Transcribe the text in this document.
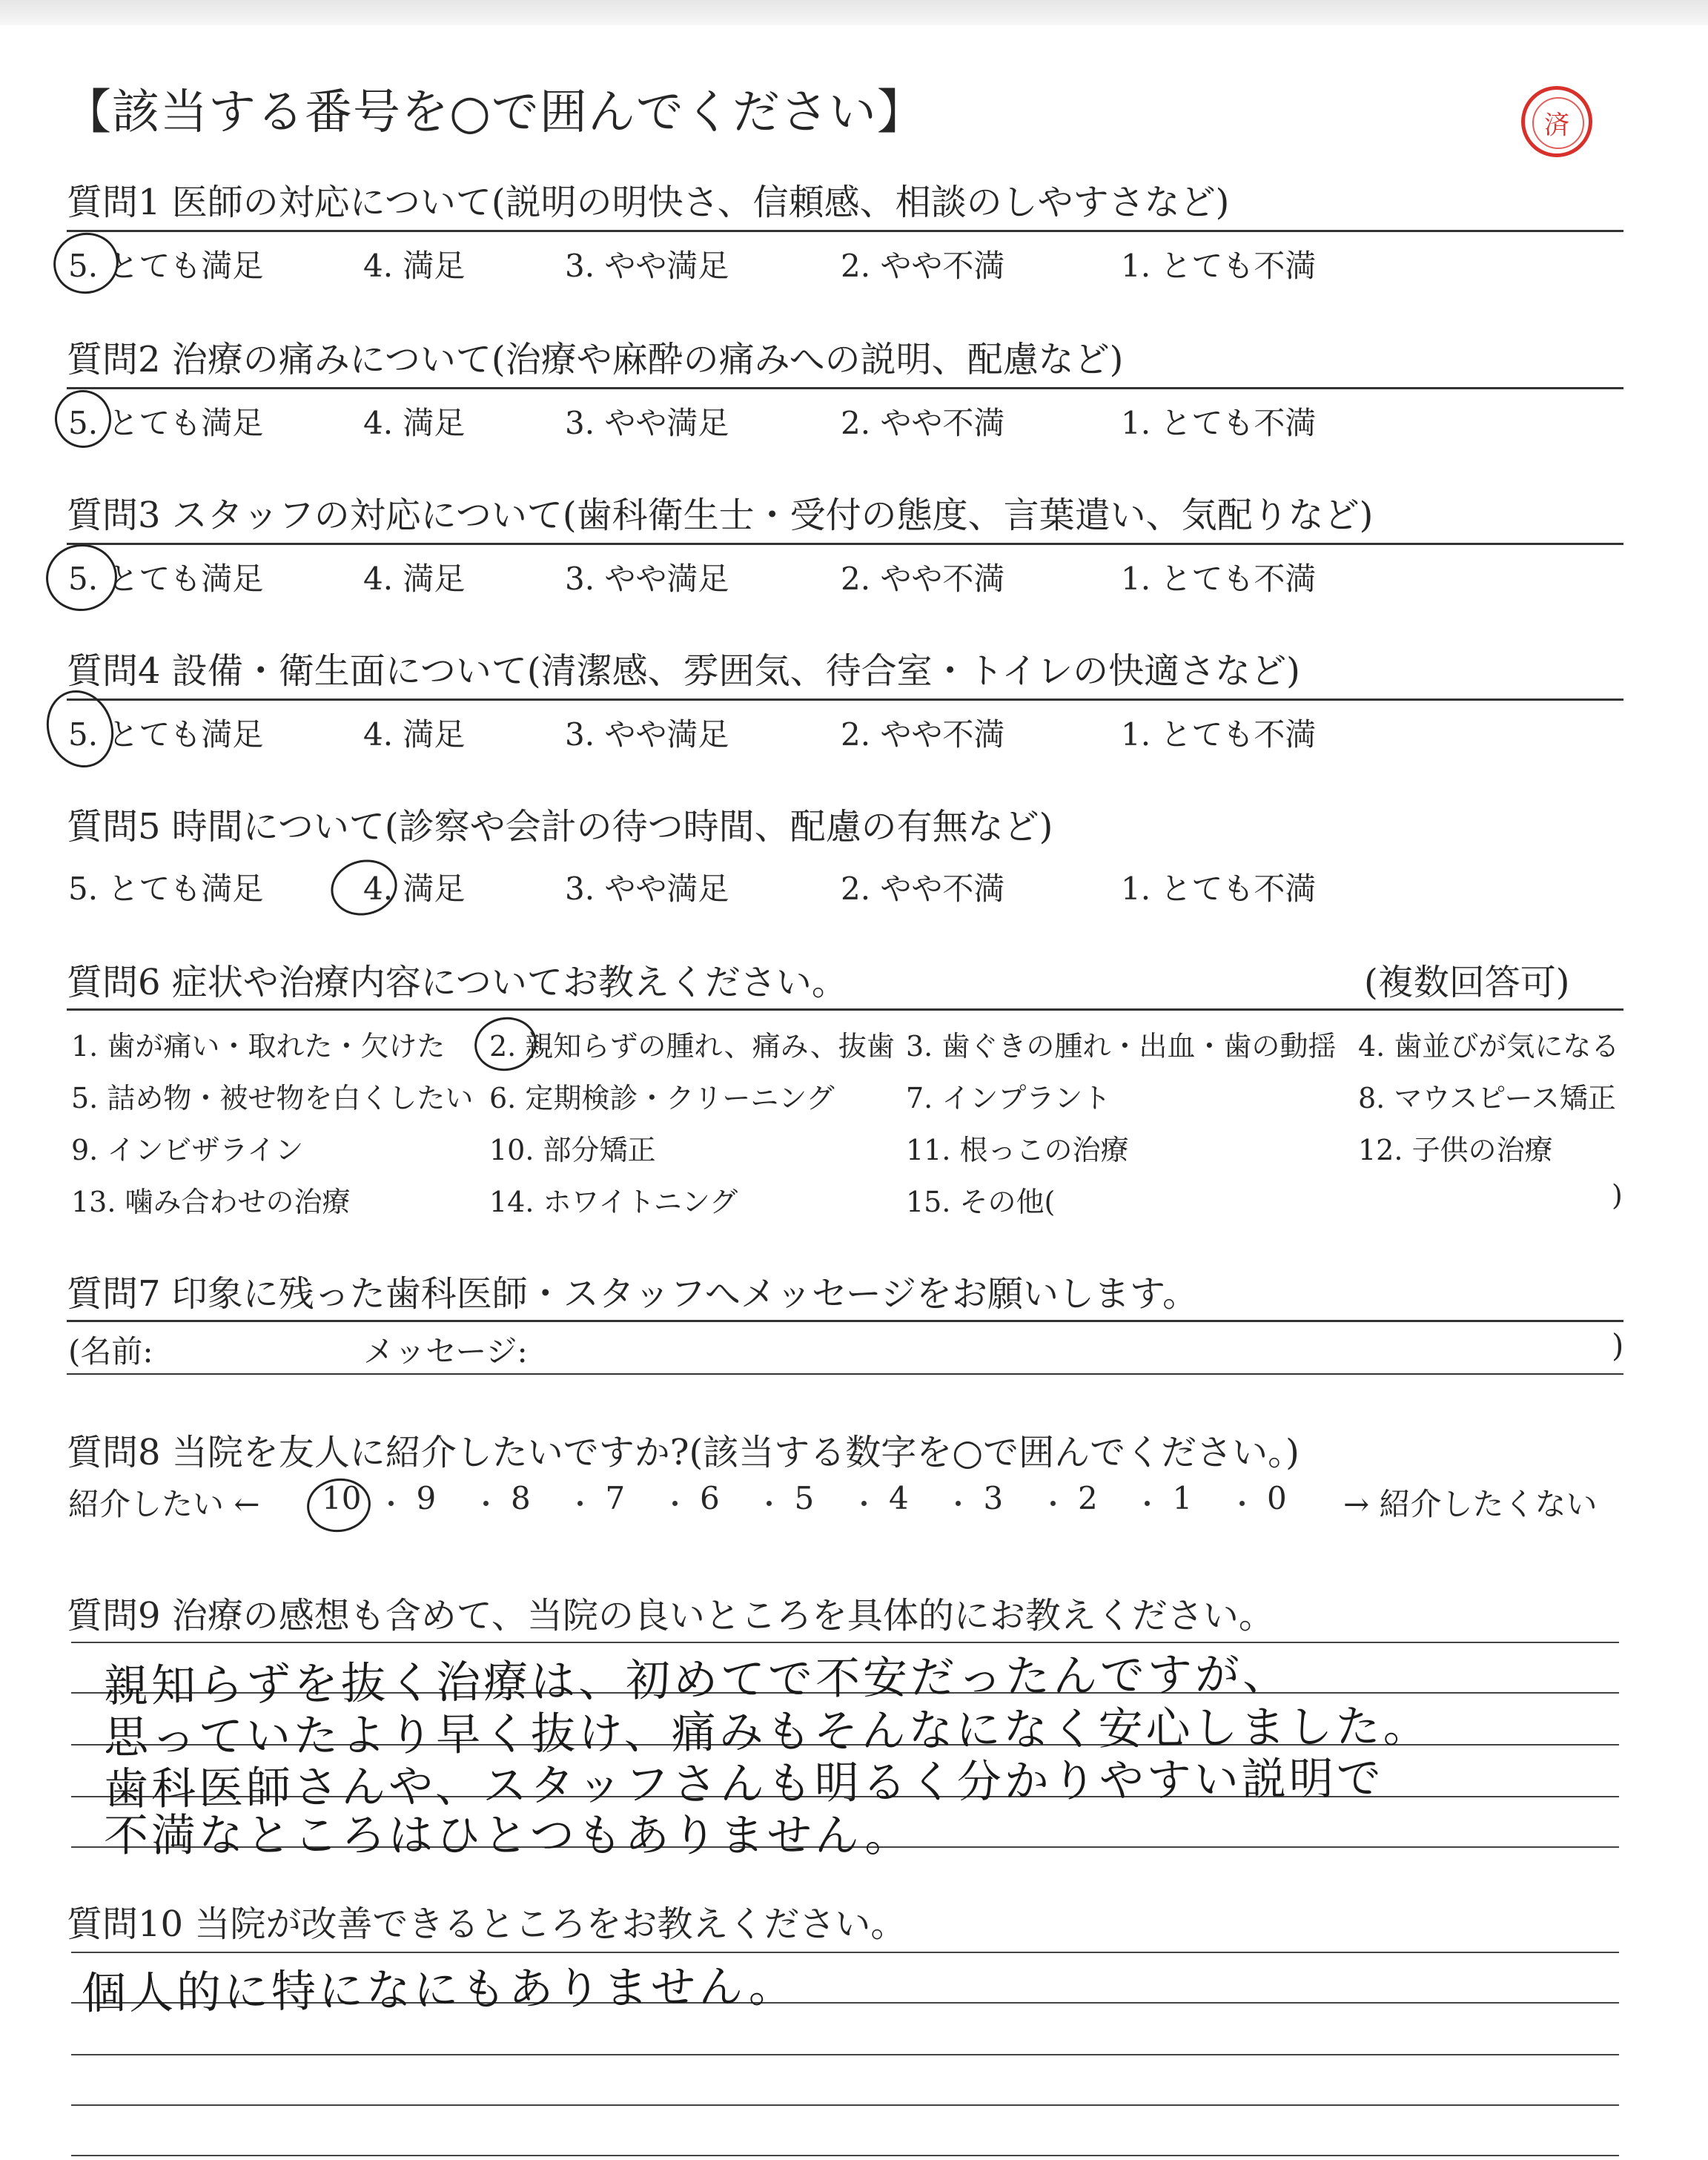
【該当する番号を○で囲んでください】	済
質問1 医師の対応について(説明の明快さ、信頼感、相談のしやすさなど)
5. とても満足	4. 満足	3. やや満足	2. やや不満	1. とても不満
質問2 治療の痛みについて(治療や麻酔の痛みへの説明、配慮など)
5. とても満足	4. 満足	3. やや満足	2. やや不満	1. とても不満
質問3 スタッフの対応について(歯科衛生士・受付の態度、言葉遣い、気配りなど)
5. とても満足	4. 満足	3. やや満足	2. やや不満	1. とても不満
質問4 設備・衛生面について(清潔感、雰囲気、待合室・トイレの快適さなど)
5. とても満足	4. 満足	3. やや満足	2. やや不満	1. とても不満
質問5 時間について(診察や会計の待つ時間、配慮の有無など)
5. とても満足	4. 満足	3. やや満足	2. やや不満	1. とても不満
質問6 症状や治療内容についてお教えください。	(複数回答可)
1. 歯が痛い・取れた・欠けた 2. 親知らずの腫れ、痛み、抜歯 3. 歯ぐきの腫れ・出血・歯の動揺 4. 歯並びが気になる
5. 詰め物・被せ物を白くしたい 6. 定期検診・クリーニング	7. インプラント	8. マウスピース矯正
9. インビザライン	10. 部分矯正	11. 根っこの治療	12. 子供の治療
13. 噛み合わせの治療	14. ホワイトニング	15. その他(	)
質問7 印象に残った歯科医師・スタッフへメッセージをお願いします。
(名前:	メッセージ:	)
質問8 当院を友人に紹介したいですか?(該当する数字を○で囲んでください。)
紹介したい ← 10 9 8 7 6 5 4 3 2 1 0 → 紹介したくない
質問9 治療の感想も含めて、当院の良いところを具体的にお教えください。
親知らずを抜く治療は、初めてで不安だったんですが、
思っていたより早く抜け、痛みもそんなになく安心しました。
歯科医師さんや、スタッフさんも明るく分かりやすい説明で
不満なところはひとつもありません。
質問10 当院が改善できるところをお教えください。
個人的に特になにもありません。
